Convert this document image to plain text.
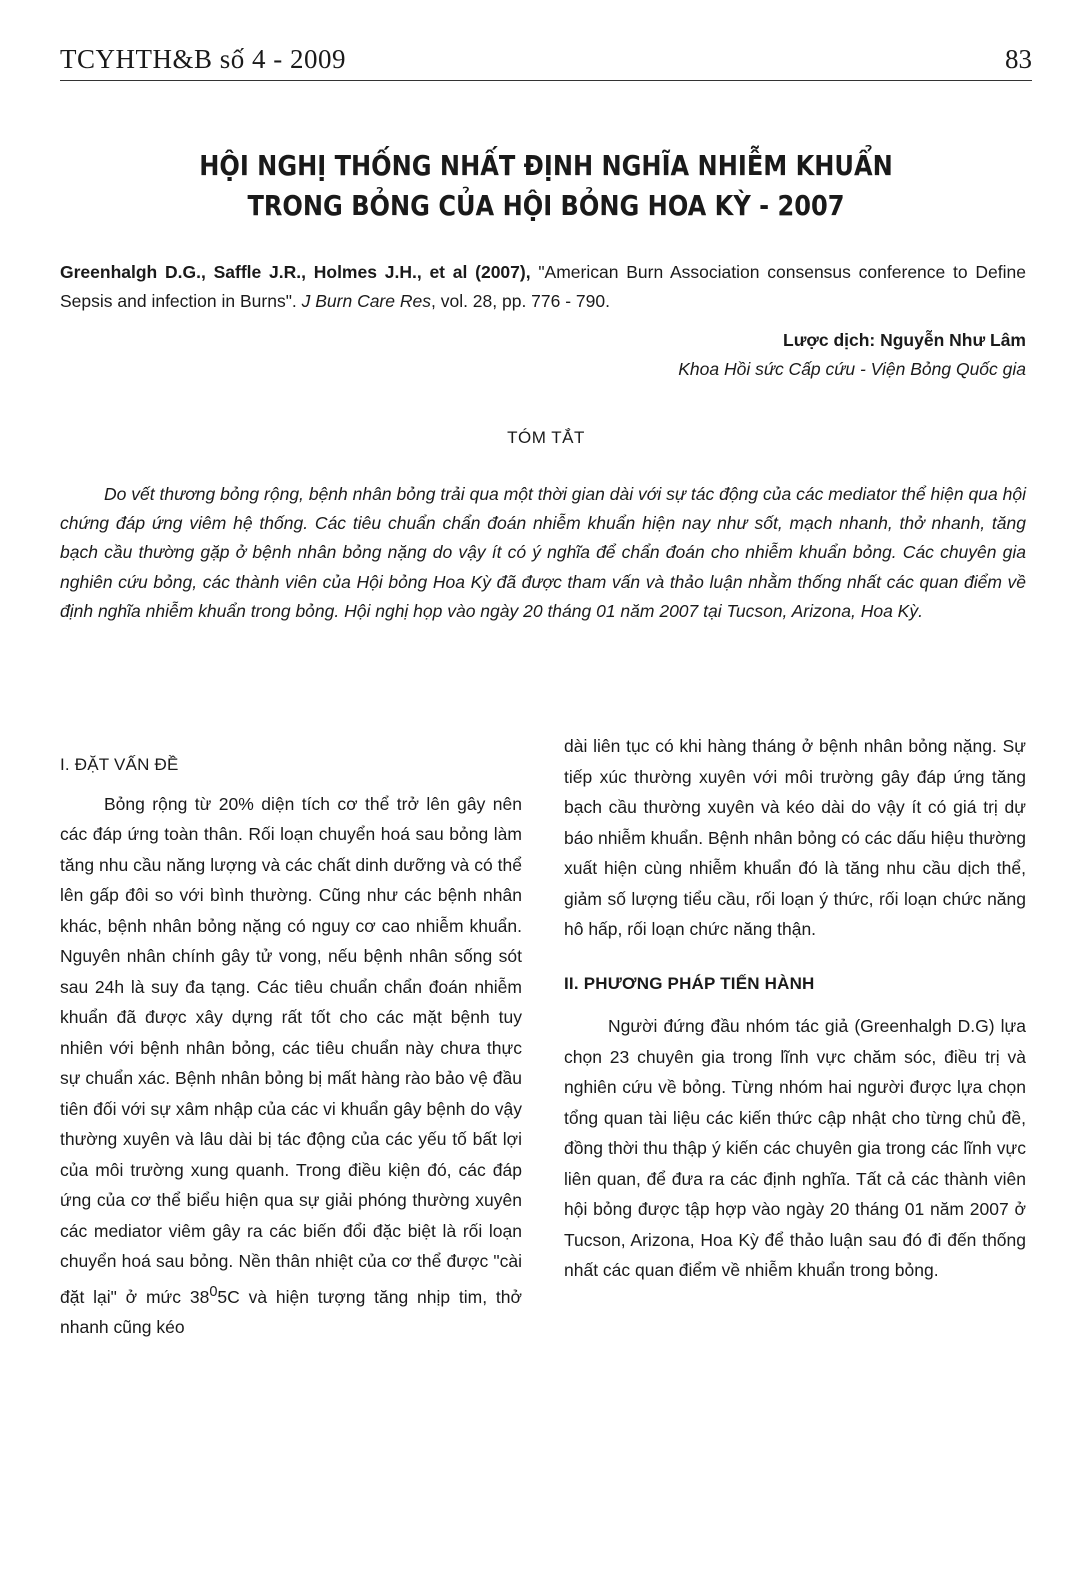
TCYHTH&B số 4 - 2009	83
HỘI NGHỊ THỐNG NHẤT ĐỊNH NGHĨA NHIỄM KHUẨN
TRONG BỎNG CỦA HỘI BỎNG HOA KỲ - 2007
Greenhalgh D.G., Saffle J.R., Holmes J.H., et al (2007), "American Burn Association consensus conference to Define Sepsis and infection in Burns". J Burn Care Res, vol. 28, pp. 776 - 790.
Lược dịch: Nguyễn Như Lâm
Khoa Hồi sức Cấp cứu - Viện Bỏng Quốc gia
TÓM TẮT
Do vết thương bỏng rộng, bệnh nhân bỏng trải qua một thời gian dài với sự tác động của các mediator thể hiện qua hội chứng đáp ứng viêm hệ thống. Các tiêu chuẩn chẩn đoán nhiễm khuẩn hiện nay như sốt, mạch nhanh, thở nhanh, tăng bạch cầu thường gặp ở bệnh nhân bỏng nặng do vậy ít có ý nghĩa để chẩn đoán cho nhiễm khuẩn bỏng. Các chuyên gia nghiên cứu bỏng, các thành viên của Hội bỏng Hoa Kỳ đã được tham vấn và thảo luận nhằm thống nhất các quan điểm về định nghĩa nhiễm khuẩn trong bỏng. Hội nghị họp vào ngày 20 tháng 01 năm 2007 tại Tucson, Arizona, Hoa Kỳ.
I. ĐẶT VẤN ĐỀ

Bỏng rộng từ 20% diện tích cơ thể trở lên gây nên các đáp ứng toàn thân. Rối loạn chuyển hoá sau bỏng làm tăng nhu cầu năng lượng và các chất dinh dưỡng và có thể lên gấp đôi so với bình thường. Cũng như các bệnh nhân khác, bệnh nhân bỏng nặng có nguy cơ cao nhiễm khuẩn. Nguyên nhân chính gây tử vong, nếu bệnh nhân sống sót sau 24h là suy đa tạng. Các tiêu chuẩn chẩn đoán nhiễm khuẩn đã được xây dựng rất tốt cho các mặt bệnh tuy nhiên với bệnh nhân bỏng, các tiêu chuẩn này chưa thực sự chuẩn xác. Bệnh nhân bỏng bị mất hàng rào bảo vệ đầu tiên đối với sự xâm nhập của các vi khuẩn gây bệnh do vậy thường xuyên và lâu dài bị tác động của các yếu tố bất lợi của môi trường xung quanh. Trong điều kiện đó, các đáp ứng của cơ thể biểu hiện qua sự giải phóng thường xuyên các mediator viêm gây ra các biến đổi đặc biệt là rối loạn chuyển hoá sau bỏng. Nền thân nhiệt của cơ thể được "cài đặt lại" ở mức $38^05C$ và hiện tượng tăng nhịp tim, thở nhanh cũng kéo

dài liên tục có khi hàng tháng ở bệnh nhân bỏng nặng. Sự tiếp xúc thường xuyên với môi trường gây đáp ứng tăng bạch cầu thường xuyên và kéo dài do vậy ít có giá trị dự báo nhiễm khuẩn. Bệnh nhân bỏng có các dấu hiệu thường xuất hiện cùng nhiễm khuẩn đó là tăng nhu cầu dịch thể, giảm số lượng tiểu cầu, rối loạn ý thức, rối loạn chức năng hô hấp, rối loạn chức năng thận.

II. PHƯƠNG PHÁP TIẾN HÀNH

Người đứng đầu nhóm tác giả (Greenhalgh D.G) lựa chọn 23 chuyên gia trong lĩnh vực chăm sóc, điều trị và nghiên cứu về bỏng. Từng nhóm hai người được lựa chọn tổng quan tài liệu các kiến thức cập nhật cho từng chủ đề, đồng thời thu thập ý kiến các chuyên gia trong các lĩnh vực liên quan, để đưa ra các định nghĩa. Tất cả các thành viên hội bỏng được tập hợp vào ngày 20 tháng 01 năm 2007 ở Tucson, Arizona, Hoa Kỳ để thảo luận sau đó đi đến thống nhất các quan điểm về nhiễm khuẩn trong bỏng.
